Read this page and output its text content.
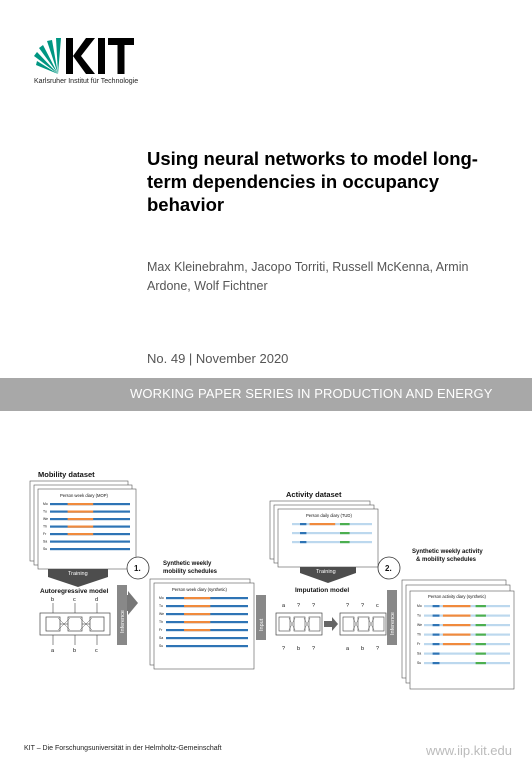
Karlsruher Institut für Technologie
Using neural networks to model long-term dependencies in occupancy behavior
Max Kleinebrahm, Jacopo Torriti, Russell McKenna, Armin Ardone, Wolf Fichtner
No. 49 | November 2020
WORKING PAPER SERIES IN PRODUCTION AND ENERGY
Mobility dataset
Person week diary (MOP)
Mo
Tu
We
Th
Fr
Sa
Su
Training
Autoregressive model
b	c	d
a	b	c
1.
Inference
Synthetic weekly
mobility schedules
Person week diary (synthetic)
Mo
Tu
We
Th
Fr
Sa
Su
Input
Activity dataset
Person daily diary (TUD)
Training
Imputation model
a ? ?
? b ?
? ? c
a b ?
2.
Inference
Synthetic weekly activity
& mobility schedules
Person activity diary (synthetic)
Mo
Tu
We
Th
Fr
Sa
Su
KIT – Die Forschungsuniversität in der Helmholtz-Gemeinschaft	www.iip.kit.edu
